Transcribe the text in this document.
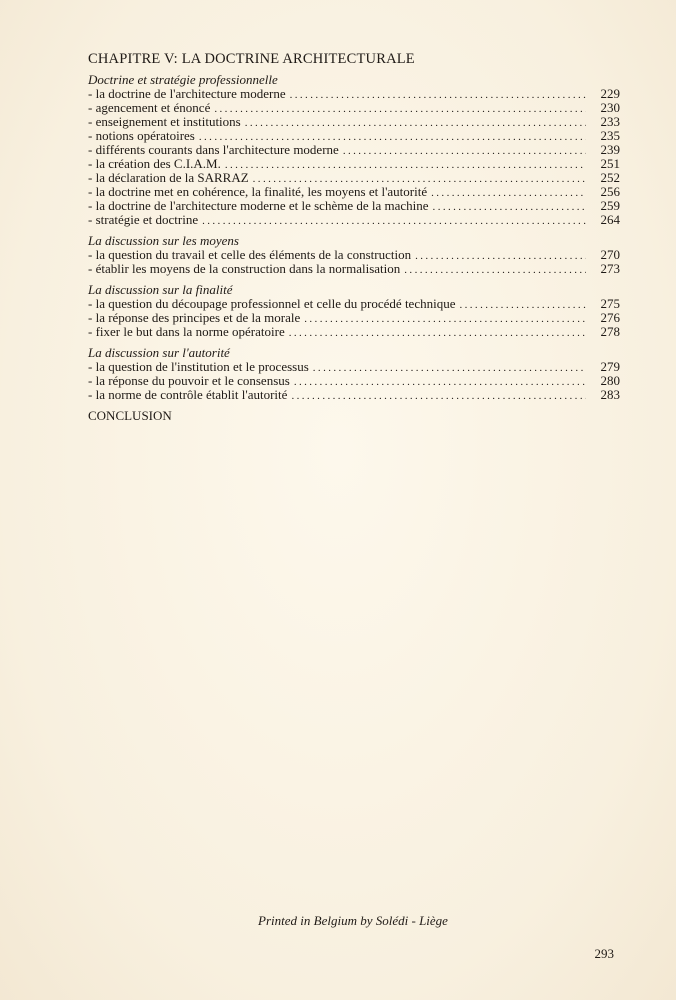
CHAPITRE V: LA DOCTRINE ARCHITECTURALE
Doctrine et stratégie professionnelle
- la doctrine de l'architecture moderne .....	229
- agencement et énoncé .....	230
- enseignement et institutions .....	233
- notions opératoires .....	235
- différents courants dans l'architecture moderne .....	239
- la création des C.I.A.M. .....	251
- la déclaration de la SARRAZ .....	252
- la doctrine met en cohérence, la finalité, les moyens et l'autorité .....	256
- la doctrine de l'architecture moderne et le schème de la machine .....	259
- stratégie et doctrine .....	264
La discussion sur les moyens
- la question du travail et celle des éléments de la construction .....	270
- établir les moyens de la construction dans la normalisation .....	273
La discussion sur la finalité
- la question du découpage professionnel et celle du procédé technique .....	275
- la réponse des principes et de la morale .....	276
- fixer le but dans la norme opératoire .....	278
La discussion sur l'autorité
- la question de l'institution et le processus .....	279
- la réponse du pouvoir et le consensus .....	280
- la norme de contrôle établit l'autorité .....	283
CONCLUSION
Printed in Belgium by Solédi - Liège
293
